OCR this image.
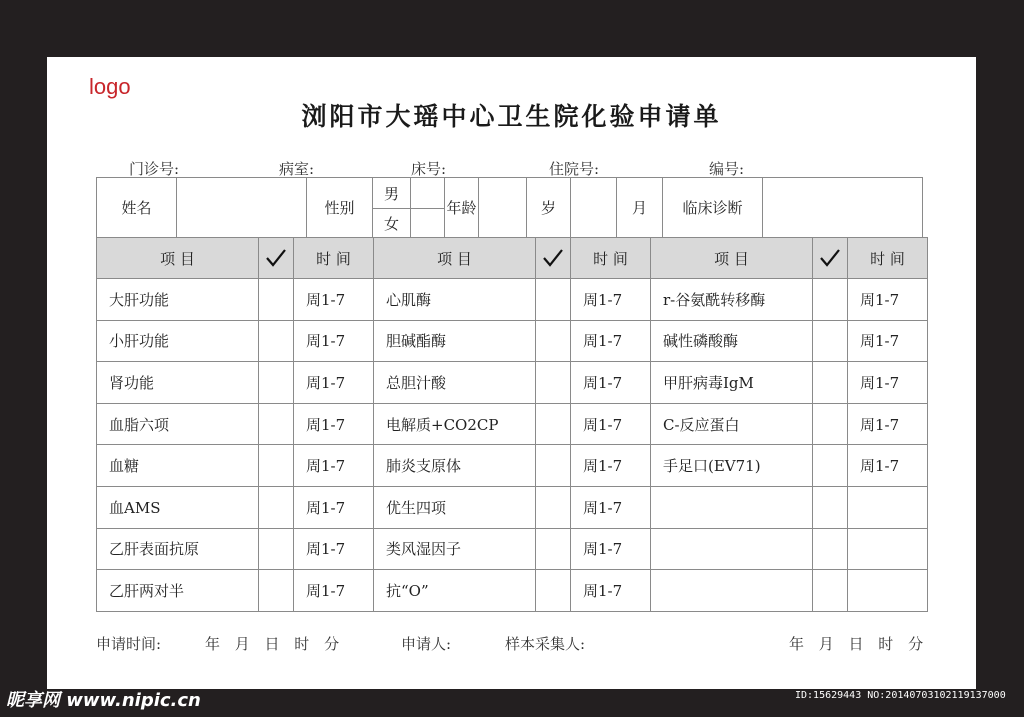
logo
浏阳市大瑶中心卫生院化验申请单
门诊号:	病室:	床号:	住院号:	编号:
姓名		性别	男		年龄		岁		月	临床诊断	
			女								
项 目		时 间	项 目		时 间	项 目		时 间
大肝功能		周1-7	心肌酶		周1-7	r-谷氨酰转移酶		周1-7
小肝功能		周1-7	胆碱酯酶		周1-7	碱性磷酸酶		周1-7
肾功能		周1-7	总胆汁酸		周1-7	甲肝病毒IgM		周1-7
血脂六项		周1-7	电解质+CO2CP		周1-7	C-反应蛋白		周1-7
血糖		周1-7	肺炎支原体		周1-7	手足口(EV71)		周1-7
血AMS		周1-7	优生四项		周1-7			
乙肝表面抗原		周1-7	类风湿因子		周1-7			
乙肝两对半		周1-7	抗“O”		周1-7			
申请时间:	年 月 日 时 分	申请人:	样本采集人:	年 月 日 时 分
昵享网 www.nipic.cn	ID:15629443 NO:20140703102119137000
